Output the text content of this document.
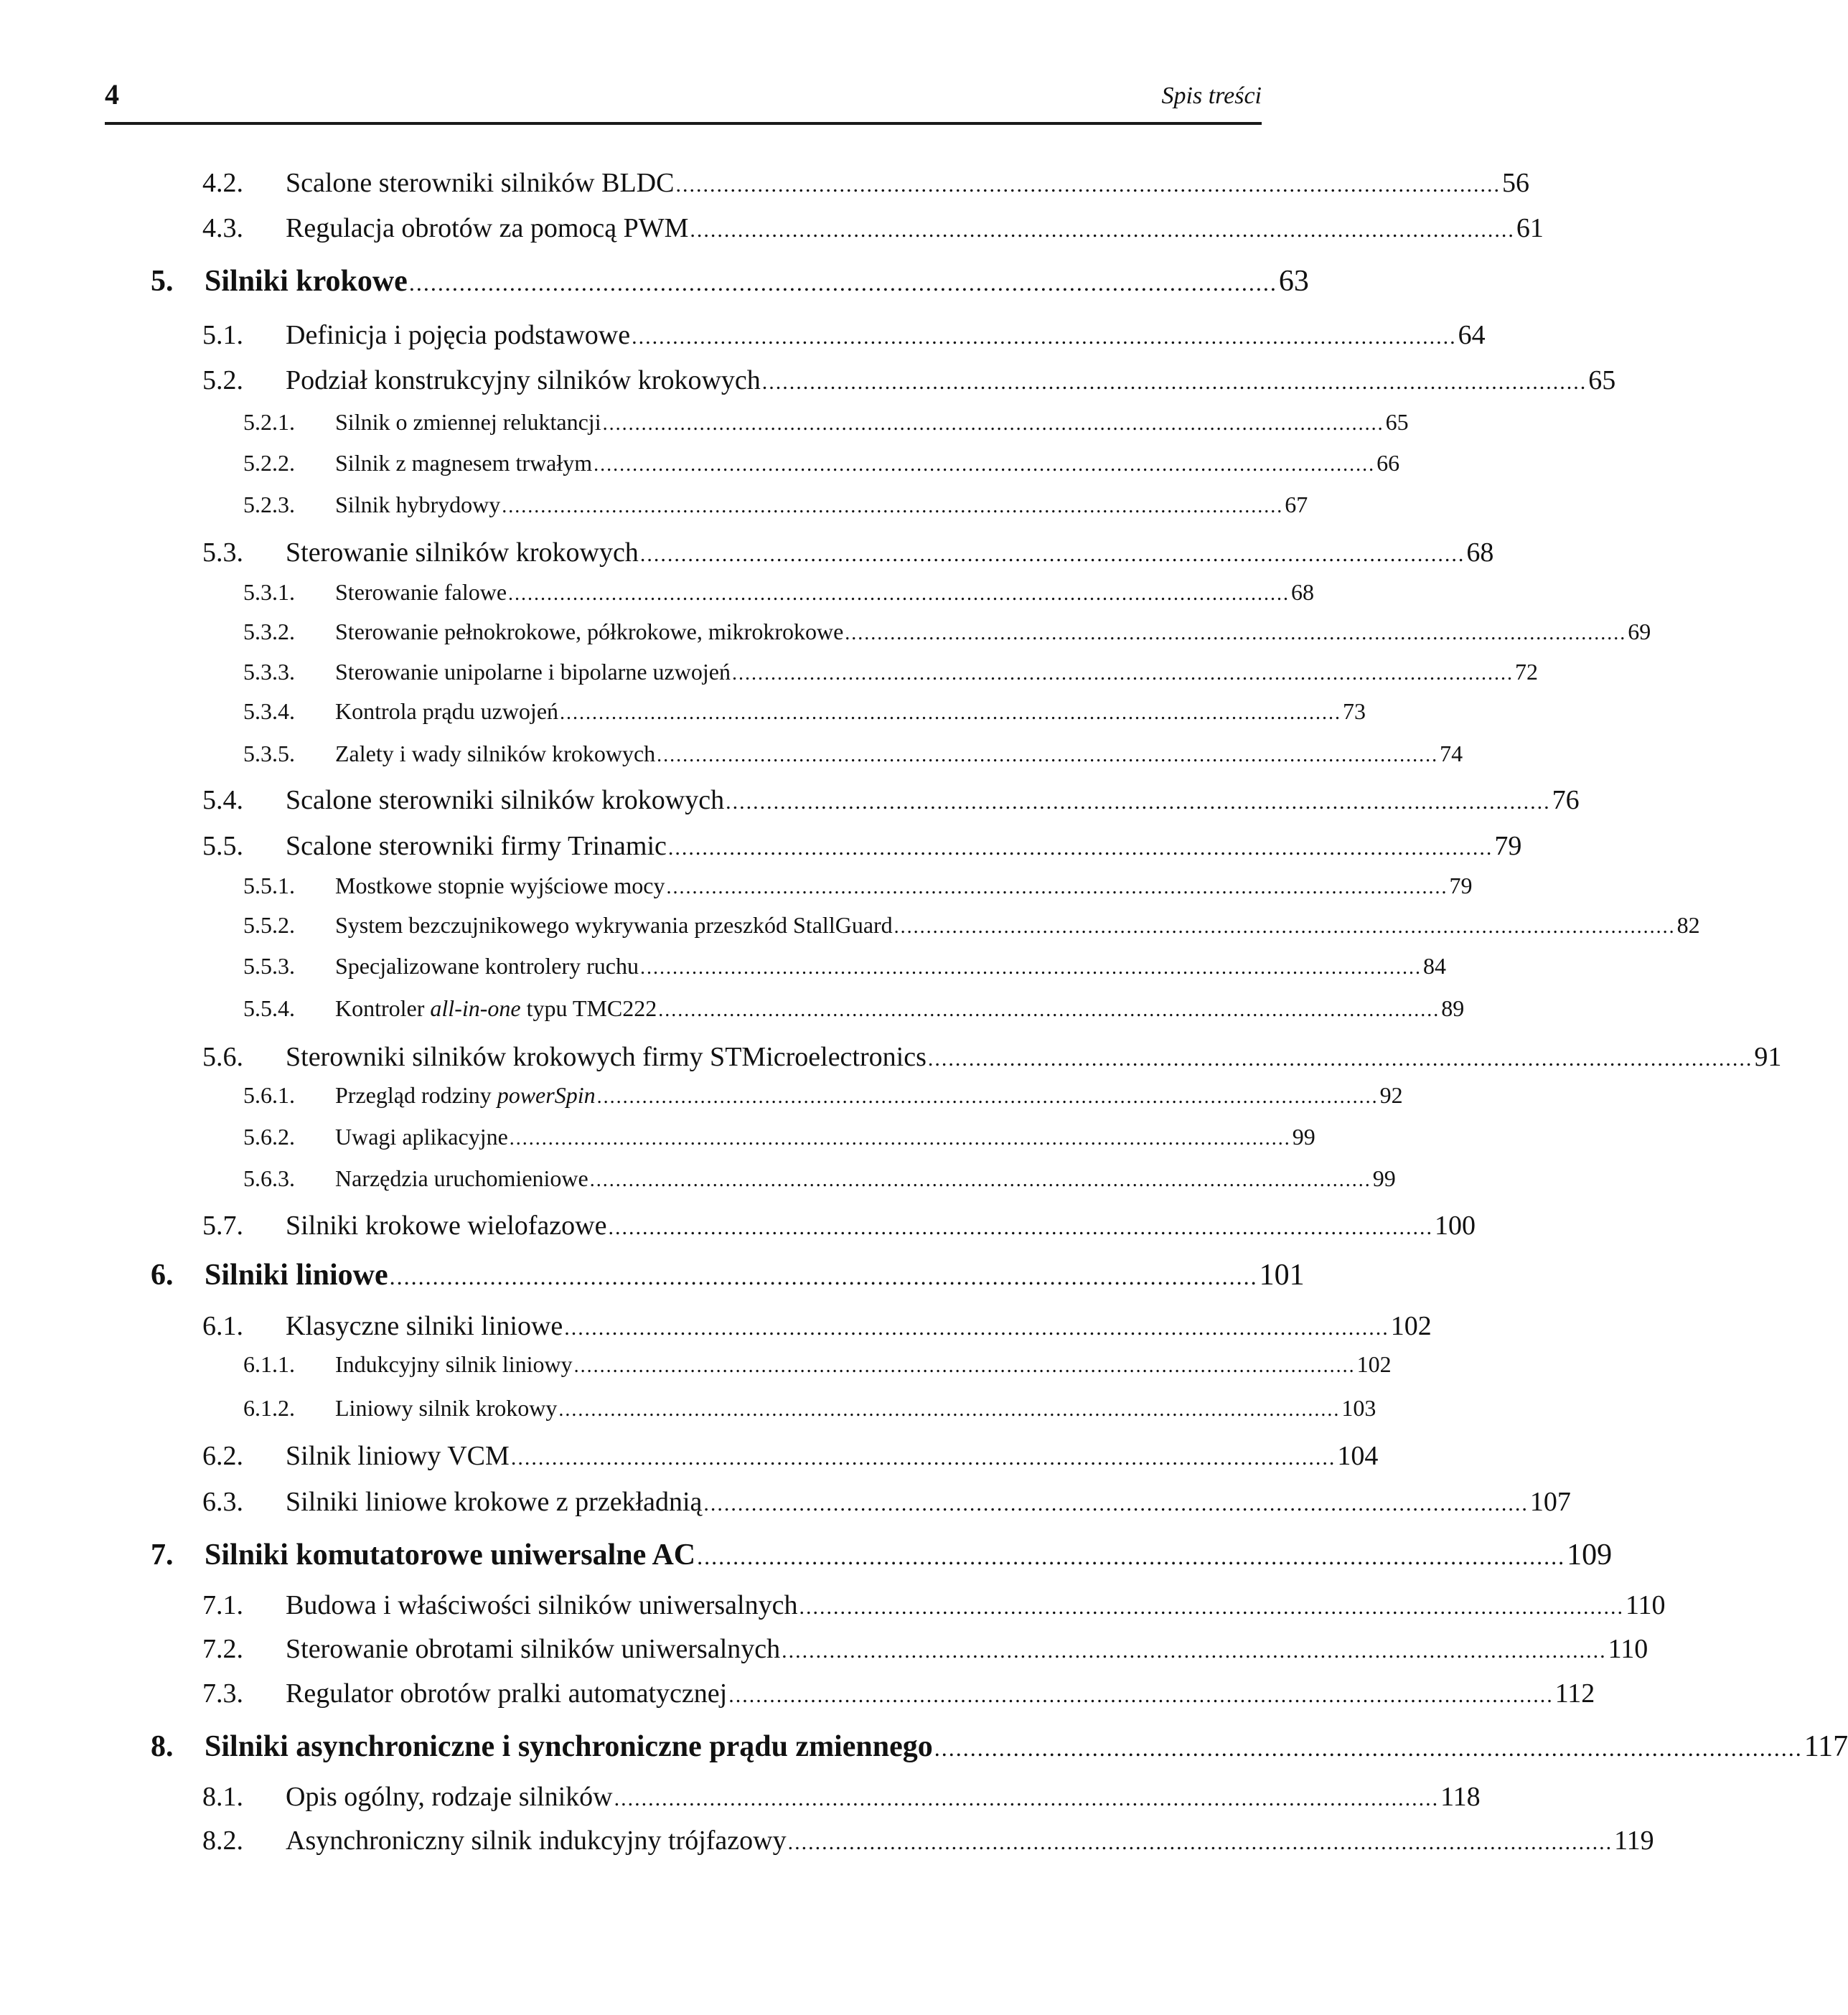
4	Spis treści
4.2.	Scalone sterowniki silników BLDC ......................................................................................................................... 56
4.3.	Regulacja obrotów za pomocą PWM ......................................................................................................................... 61
5.	Silniki krokowe ......................................................................................................................... 63
5.1.	Definicja i pojęcia podstawowe ......................................................................................................................... 64
5.2.	Podział konstrukcyjny silników krokowych ......................................................................................................................... 65
5.2.1.	Silnik o zmiennej reluktancji ......................................................................................................................... 65
5.2.2.	Silnik z magnesem trwałym ......................................................................................................................... 66
5.2.3.	Silnik hybrydowy ......................................................................................................................... 67
5.3.	Sterowanie silników krokowych ......................................................................................................................... 68
5.3.1.	Sterowanie falowe ......................................................................................................................... 68
5.3.2.	Sterowanie pełnokrokowe, półkrokowe, mikrokrokowe ......................................................................................................................... 69
5.3.3.	Sterowanie unipolarne i bipolarne uzwojeń ......................................................................................................................... 72
5.3.4.	Kontrola prądu uzwojeń ......................................................................................................................... 73
5.3.5.	Zalety i wady silników krokowych ......................................................................................................................... 74
5.4.	Scalone sterowniki silników krokowych ......................................................................................................................... 76
5.5.	Scalone sterowniki firmy Trinamic ......................................................................................................................... 79
5.5.1.	Mostkowe stopnie wyjściowe mocy ......................................................................................................................... 79
5.5.2.	System bezczujnikowego wykrywania przeszkód StallGuard ......................................................................................................................... 82
5.5.3.	Specjalizowane kontrolery ruchu ......................................................................................................................... 84
5.5.4.	Kontroler all-in-one typu TMC222 ......................................................................................................................... 89
5.6.	Sterowniki silników krokowych firmy STMicroelectronics ......................................................................................................................... 91
5.6.1.	Przegląd rodziny powerSpin ......................................................................................................................... 92
5.6.2.	Uwagi aplikacyjne ......................................................................................................................... 99
5.6.3.	Narzędzia uruchomieniowe ......................................................................................................................... 99
5.7.	Silniki krokowe wielofazowe ......................................................................................................................... 100
6.	Silniki liniowe ......................................................................................................................... 101
6.1.	Klasyczne silniki liniowe ......................................................................................................................... 102
6.1.1.	Indukcyjny silnik liniowy ......................................................................................................................... 102
6.1.2.	Liniowy silnik krokowy ......................................................................................................................... 103
6.2.	Silnik liniowy VCM ......................................................................................................................... 104
6.3.	Silniki liniowe krokowe z przekładnią ......................................................................................................................... 107
7.	Silniki komutatorowe uniwersalne AC ......................................................................................................................... 109
7.1.	Budowa i właściwości silników uniwersalnych ......................................................................................................................... 110
7.2.	Sterowanie obrotami silników uniwersalnych ......................................................................................................................... 110
7.3.	Regulator obrotów pralki automatycznej ......................................................................................................................... 112
8.	Silniki asynchroniczne i synchroniczne prądu zmiennego ......................................................................................................................... 117
8.1.	Opis ogólny, rodzaje silników ......................................................................................................................... 118
8.2.	Asynchroniczny silnik indukcyjny trójfazowy ......................................................................................................................... 119
